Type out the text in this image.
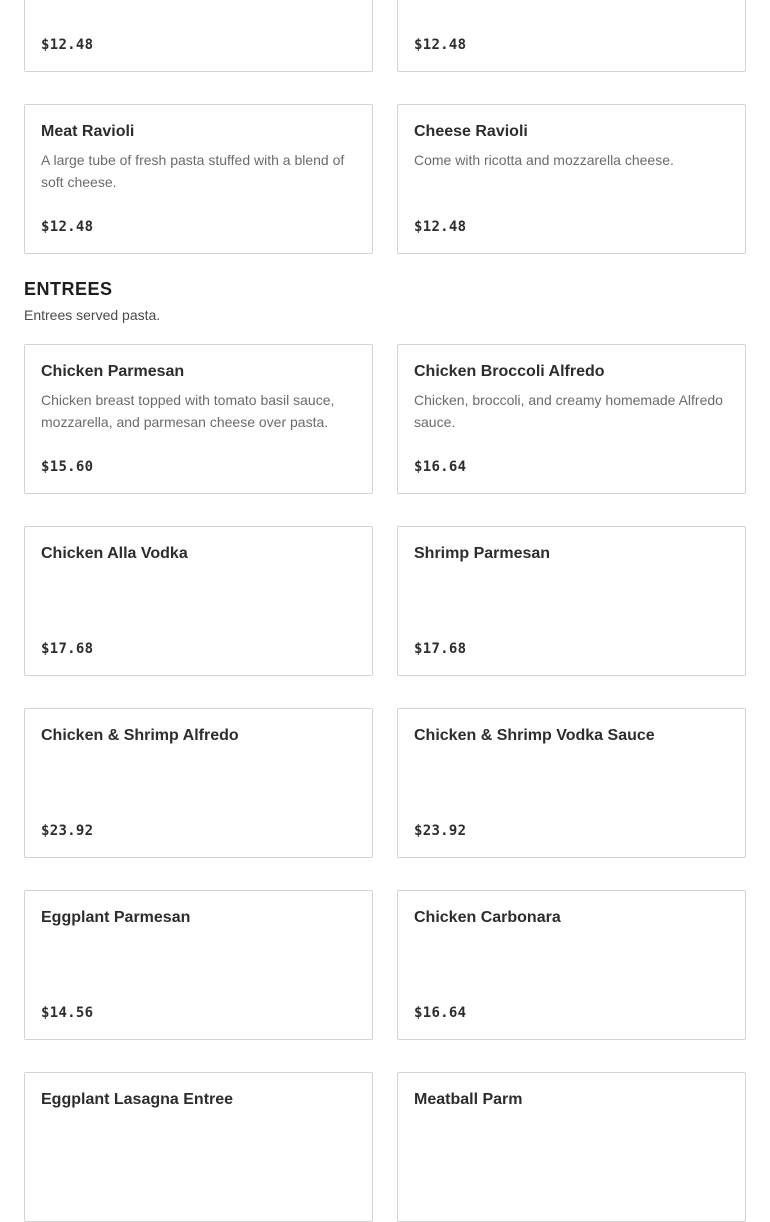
$12.48	$12.48
Meat Ravioli
A large tube of fresh pasta stuffed with a blend of soft cheese.
$12.48
Cheese Ravioli
Come with ricotta and mozzarella cheese.
$12.48
ENTREES

Entrees served pasta.

Chicken Parmesan
Chicken breast topped with tomato basil sauce, mozzarella, and parmesan cheese over pasta.
$15.60
Chicken Broccoli Alfredo
Chicken, broccoli, and creamy homemade Alfredo sauce.
$16.64
Chicken Alla Vodka
$17.68
Shrimp Parmesan
$17.68
Chicken & Shrimp Alfredo
$23.92
Chicken & Shrimp Vodka Sauce
$23.92
Eggplant Parmesan
$14.56
Chicken Carbonara
$16.64
Eggplant Lasagna Entree	Meatball Parm
